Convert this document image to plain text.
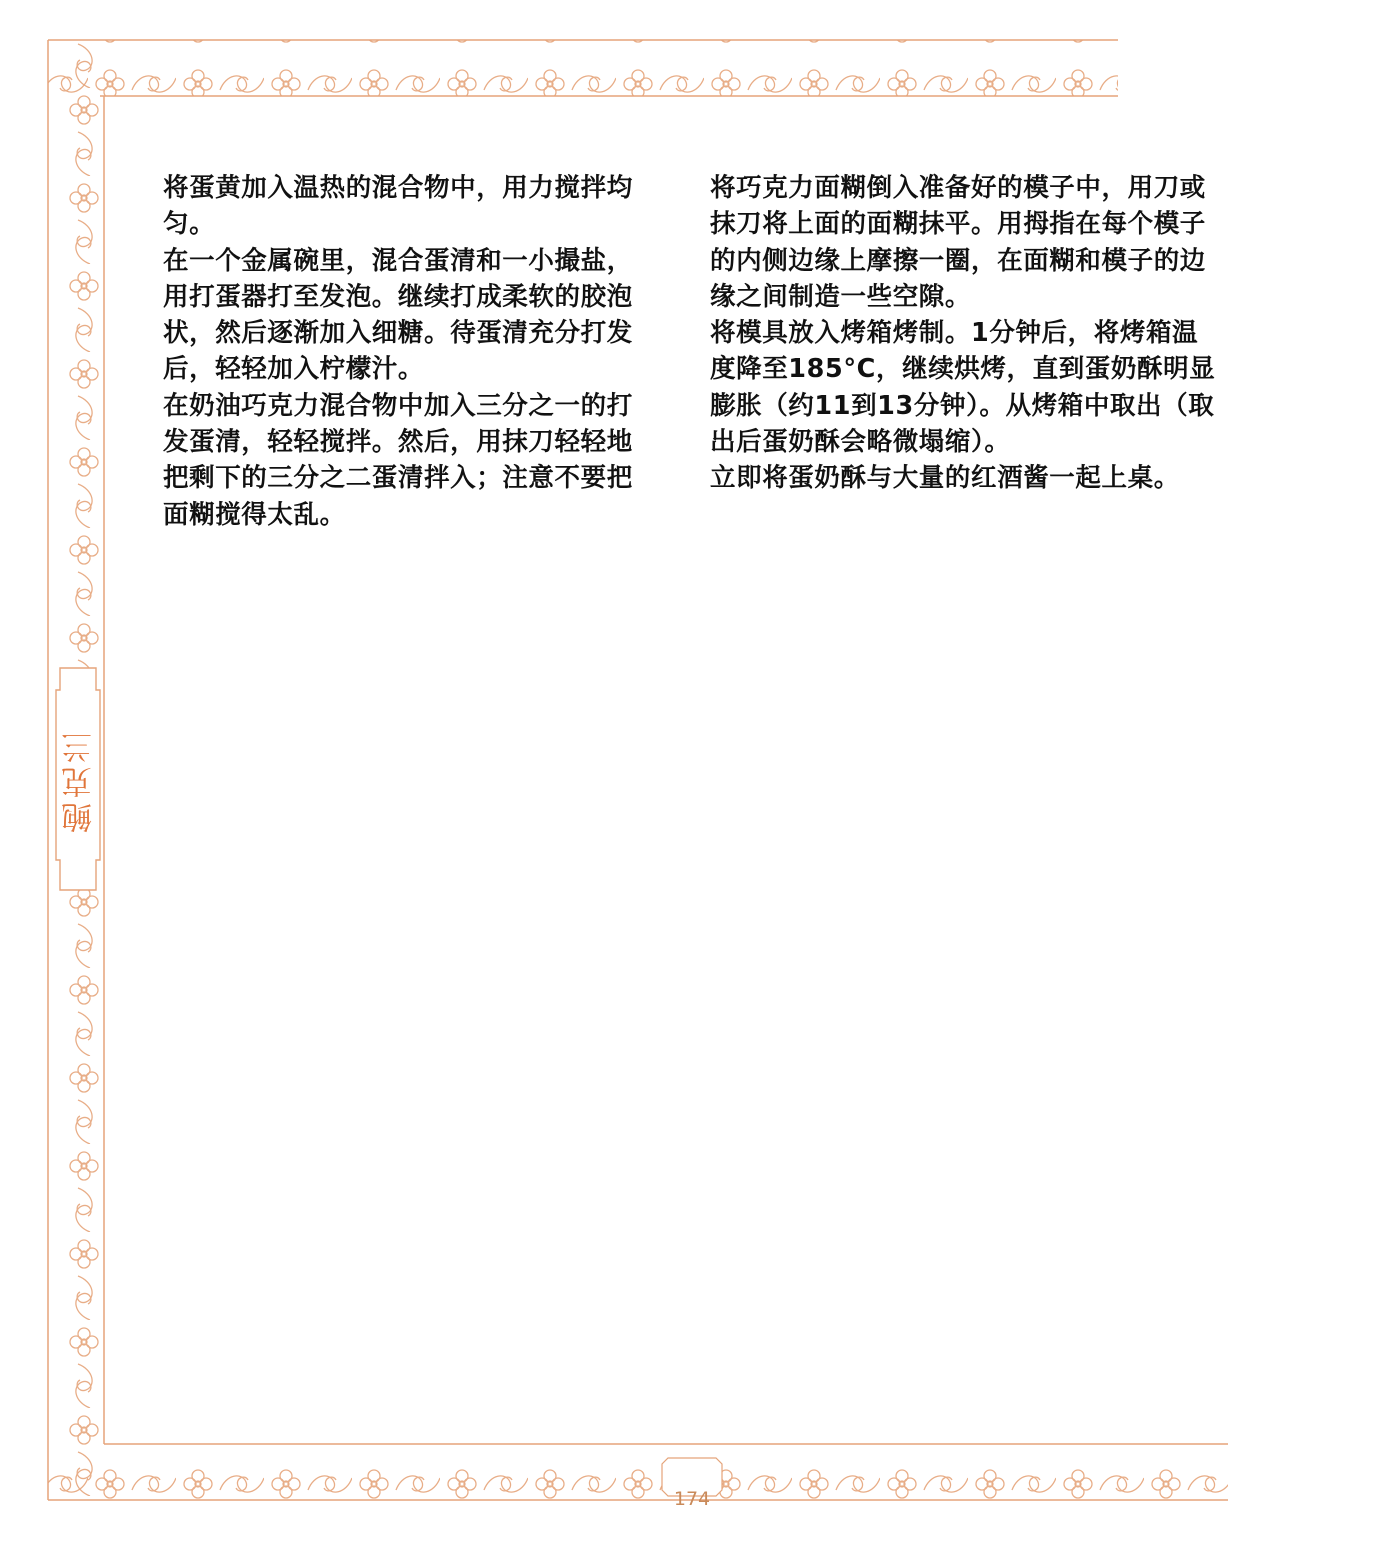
鲍克兰

将蛋黄加入温热的混合物中，用力搅拌均匀。

在一个金属碗里，混合蛋清和一小撮盐，用打蛋器打至发泡。继续打成柔软的胶泡状，然后逐渐加入细糖。待蛋清充分打发后，轻轻加入柠檬汁。

在奶油巧克力混合物中加入三分之一的打发蛋清，轻轻搅拌。然后，用抹刀轻轻地把剩下的三分之二蛋清拌入；注意不要把面糊搅得太乱。

将巧克力面糊倒入准备好的模子中，用刀或抹刀将上面的面糊抹平。用拇指在每个模子的内侧边缘上摩擦一圈，在面糊和模子的边缘之间制造一些空隙。

将模具放入烤箱烤制。1分钟后，将烤箱温度降至185°C，继续烘烤，直到蛋奶酥明显膨胀（约11到13分钟）。从烤箱中取出（取出后蛋奶酥会略微塌缩）。

立即将蛋奶酥与大量的红酒酱一起上桌。

174
